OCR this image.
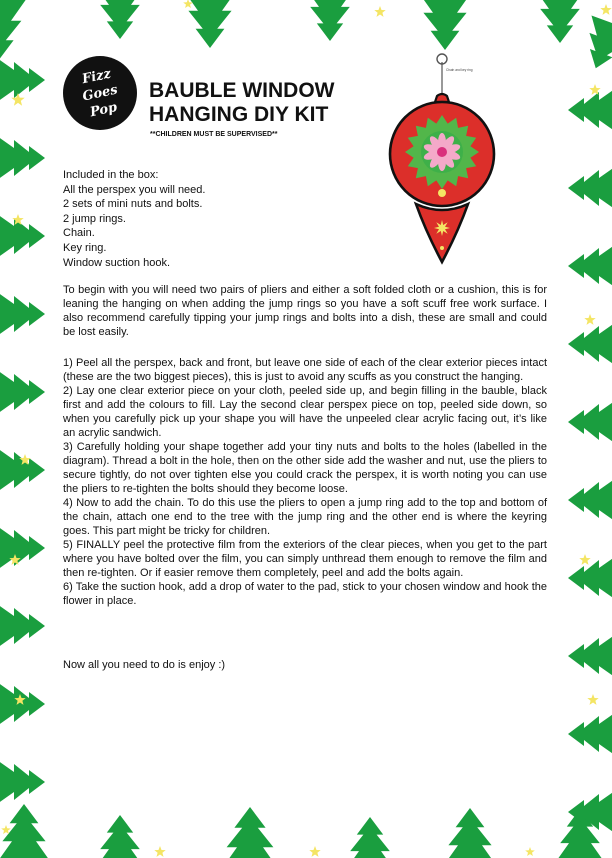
Fizz
Goes
Pop
BAUBLE WINDOW
HANGING DIY KIT
**CHILDREN MUST BE SUPERVISED**
Chain and key ring
Included in the box:
All the perspex you will need.
2 sets of mini nuts and bolts.
2 jump rings.
Chain.
Key ring.
Window suction hook.

To begin with you will need two pairs of pliers and either a soft folded cloth or a cushion, this is for leaning the hanging on when adding the jump rings so you have a soft scuff free work surface. I also recommend carefully tipping your jump rings and bolts into a dish, these are small and could be lost easily.

1) Peel all the perspex, back and front, but leave one side of each of the clear exterior pieces intact (these are the two biggest pieces), this is just to avoid any scuffs as you construct the hanging.
2) Lay one clear exterior piece on your cloth, peeled side up, and begin filling in the bauble, black first and add the colours to fill. Lay the second clear perspex piece on top, peeled side down, so when you carefully pick up your shape you will have the unpeeled clear acrylic facing out, it’s like an acrylic sandwich.
3) Carefully holding your shape together add your tiny nuts and bolts to the holes (labelled in the diagram). Thread a bolt in the hole, then on the other side add the washer and nut, use the pliers to secure tightly, do not over tighten else you could crack the perspex, it is worth noting you can use the pliers to re-tighten the bolts should they become loose.
4) Now to add the chain. To do this use the pliers to open a jump ring add to the top and bottom of the chain, attach one end to the tree with the jump ring and the other end is where the keyring goes. This part might be tricky for children.
5) FINALLY peel the protective film from the exteriors of the clear pieces, when you get to the part where you have bolted over the film, you can simply unthread them enough to remove the film and then re-tighten. Or if easier remove them completely, peel and add the bolts again.
6) Take the suction hook, add a drop of water to the pad, stick to your chosen window and hook the flower in place.

Now all you need to do is enjoy :)
